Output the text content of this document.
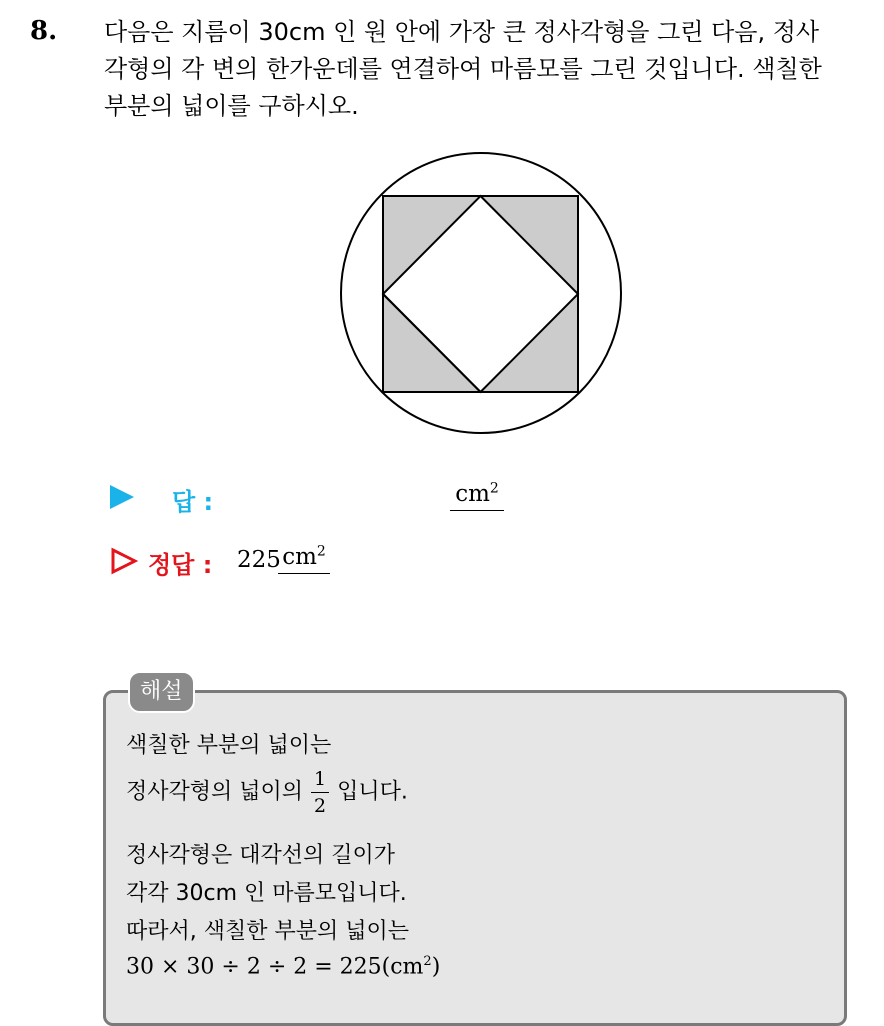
8. 다음은 지름이 30cm 인 원 안에 가장 큰 정사각형을 그린 다음, 정사
각형의 각 변의 한가운데를 연결하여 마름모를 그린 것입니다. 색칠한
부분의 넓이를 구하시오.

답 :	$cm^2$
정답 : 225 $cm^2$
해설
색칠한 부분의 넓이는
정사각형의 넓이의 $\frac{1}{2}$ 입니다.
정사각형은 대각선의 길이가
각각 30cm 인 마름모입니다.
따라서, 색칠한 부분의 넓이는
$30 \times 30 \div 2 \div 2 = 225(cm^2)$
